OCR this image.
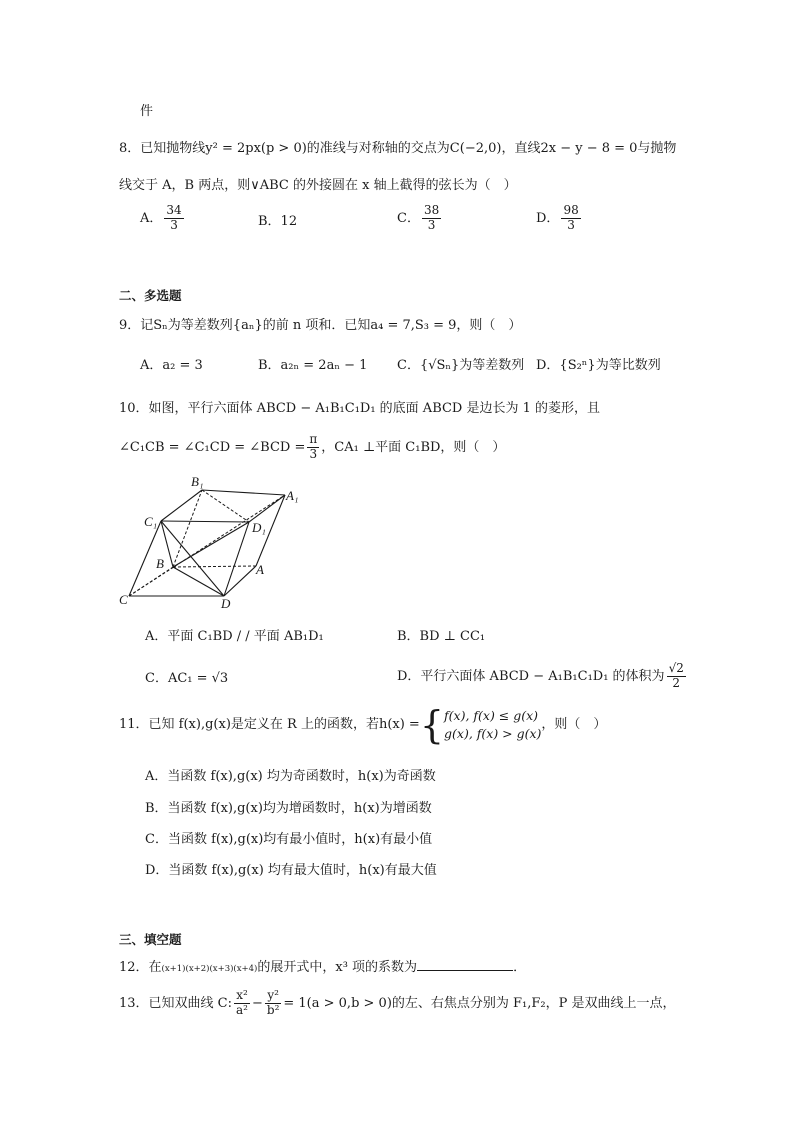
件
8．已知抛物线y² = 2px(p > 0)的准线与对称轴的交点为C(−2,0)，直线2x − y − 8 = 0与抛物
线交于 A，B 两点，则∨ABC 的外接圆在 x 轴上截得的弦长为（　）
A． $\frac{34}{3}$	B．12	C． $\frac{38}{3}$	D． $\frac{98}{3}$
二、多选题
9．记Sₙ为等差数列{aₙ}的前 n 项和．已知a₄ = 7,S₃ = 9，则（　）
A．a₂ = 3	B．a₂ₙ = 2aₙ − 1 C．{√Sₙ}为等差数列 D．{S₂ⁿ}为等比数列
10．如图，平行六面体 ABCD − A₁B₁C₁D₁ 的底面 ABCD 是边长为 1 的菱形，且
∠C₁CB = ∠C₁CD = ∠BCD = $\frac{\pi}{3}$ ，CA₁ ⊥平面 C₁BD，则（　）
B₁
A₁
C₁	D₁
B	A
C	D
A．平面 C₁BD / / 平面 AB₁D₁	B．BD ⊥ CC₁
C．AC₁ = √3	D．平行六面体 ABCD − A₁B₁C₁D₁ 的体积为 $\frac{√2}{2}$
11．已知 f(x),g(x)是定义在 R 上的函数，若h(x) = { f(x), f(x) ≤ g(x)
g(x), f(x) > g(x)
，则（　）
A．当函数 f(x),g(x) 均为奇函数时，h(x)为奇函数
B．当函数 f(x),g(x)均为增函数时，h(x)为增函数
C．当函数 f(x),g(x)均有最小值时，h(x)有最小值
D．当函数 f(x),g(x) 均有最大值时，h(x)有最大值
三、填空题
12．在(x+1)(x+2)(x+3)(x+4)的展开式中，x³ 项的系数为	．
13．已知双曲线 C: $\frac{\text{x²}}{\text{a²}} - \frac{\text{y²}}{\text{b²}} = 1(a > 0,b > 0)$的左、右焦点分别为 F₁,F₂，P 是双曲线上一点，
